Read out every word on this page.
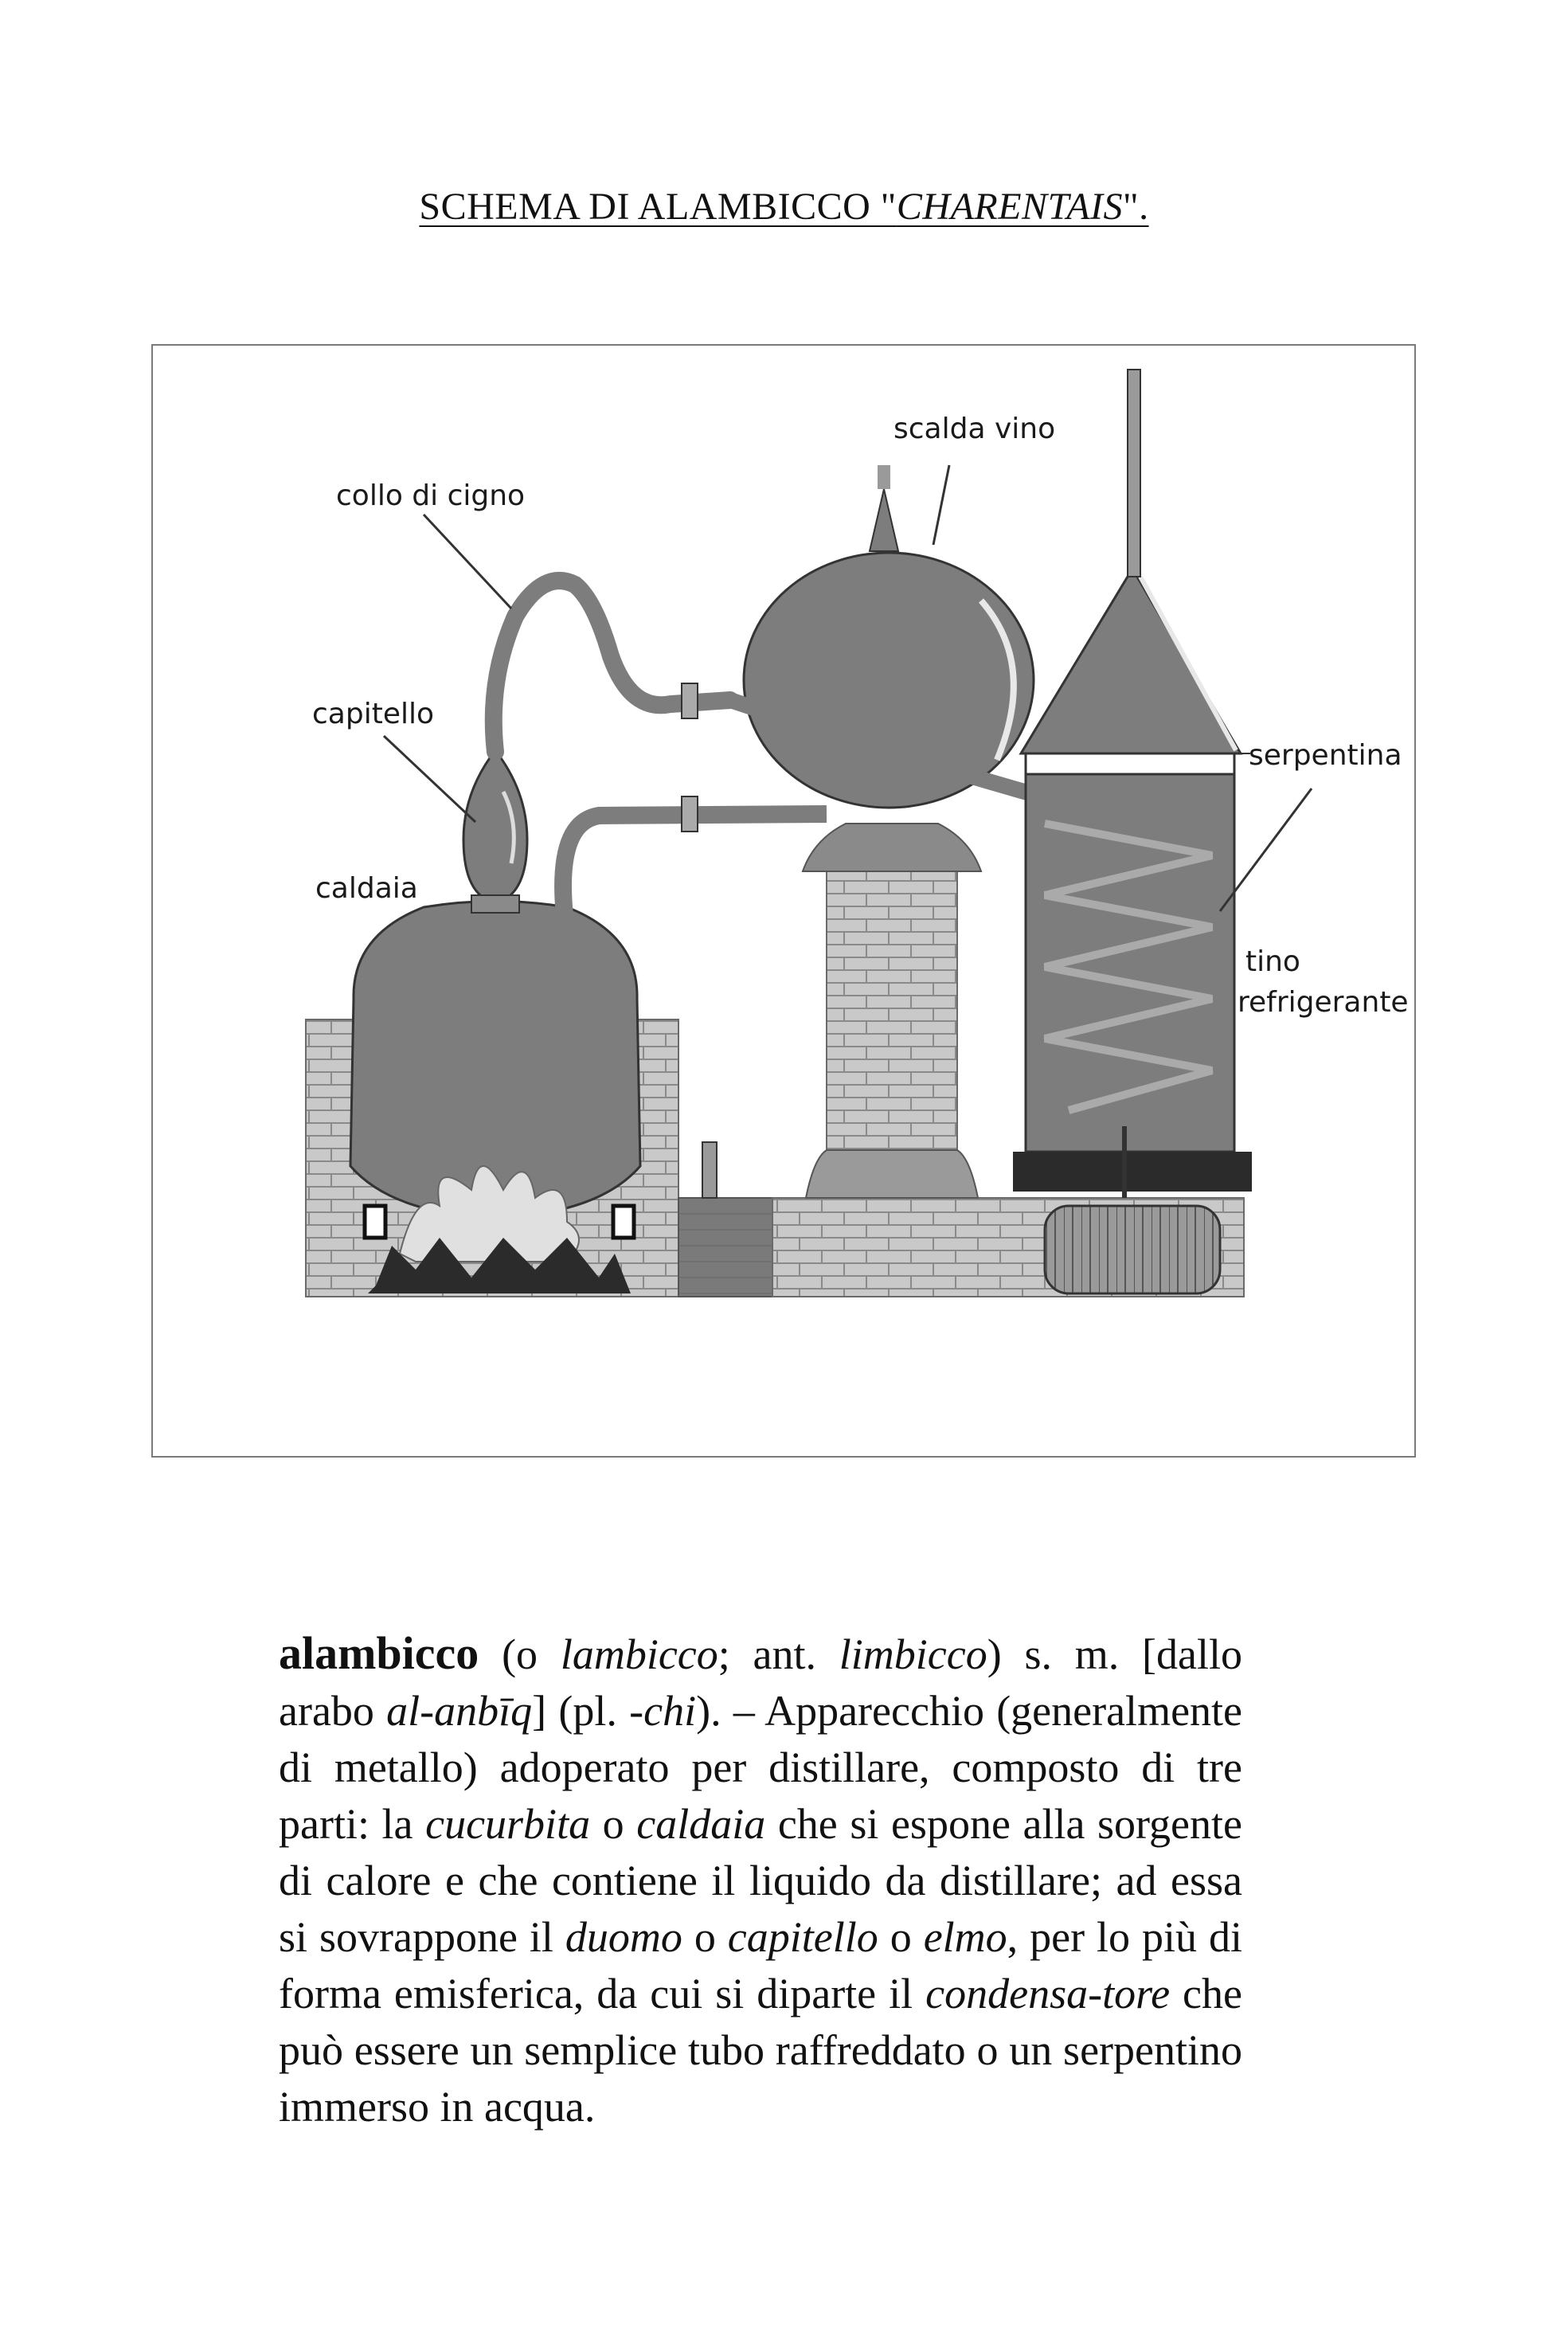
SCHEMA DI ALAMBICCO "CHARENTAIS".
collo di cigno
scalda vino
capitello
caldaia
serpentina
tino
refrigerante
alambicco (o lambicco; ant. limbicco) s. m. [dallo arabo al-anbīq] (pl. -chi). – Apparecchio (generalmente di metallo) adoperato per distillare, composto di tre parti: la cucurbita o caldaia che si espone alla sorgente di calore e che contiene il liquido da distillare; ad essa si sovrappone il duomo o capitello o elmo, per lo più di forma emisferica, da cui si diparte il condensa-tore che può essere un semplice tubo raffreddato o un serpentino immerso in acqua.
